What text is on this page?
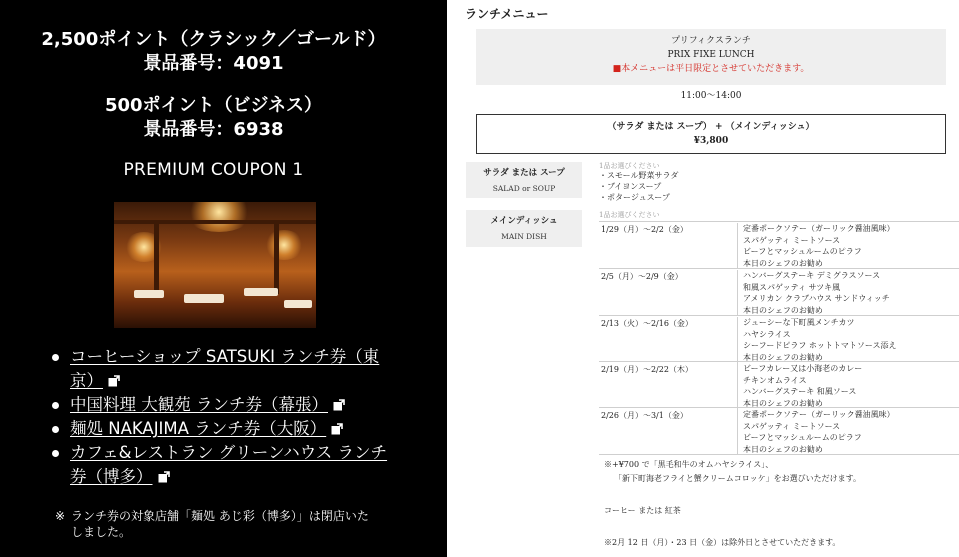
2,500ポイント（クラシック／ゴールド）
景品番号：4091
500ポイント（ビジネス）
景品番号：6938
PREMIUM COUPON 1
コーヒーショップ SATSUKI ランチ券（東
京）
中国料理 大観苑 ランチ券（幕張）
麺処 NAKAJIMA ランチ券（大阪）
カフェ&レストラン グリーンハウス ランチ
券（博多）
※ ランチ券の対象店舗「麺処 あじ彩（博多）」は閉店いた
しました。
ランチメニュー
プリフィクスランチ
PRIX FIXE LUNCH
■本メニューは平日限定とさせていただきます。
11:00～14:00
（サラダ または スープ） + （メインディッシュ）
¥3,800
サラダ または スープ
SALAD or SOUP
1品お選びください
・スモール野菜サラダ
・ブイヨンスープ
・ポタージュスープ
メインディッシュ
MAIN DISH
1品お選びください
1/29（月）～2/2（金）	定番ポークソテー（ガーリック醤油風味）
スパゲッティ ミートソース
ビーフとマッシュルームのピラフ
本日のシェフのお勧め
2/5（月）～2/9（金）	ハンバーグステーキ デミグラスソース
和風スパゲッティ サツキ風
アメリカン クラブハウス サンドウィッチ
本日のシェフのお勧め
2/13（火）～2/16（金）	ジューシーな下町風メンチカツ
ハヤシライス
シーフードピラフ ホットトマトソース添え
本日のシェフのお勧め
2/19（月）～2/22（木）	ビーフカレー又は小海老のカレー
チキンオムライス
ハンバーグステーキ 和風ソース
本日のシェフのお勧め
2/26（月）～3/1（金）	定番ポークソテー（ガーリック醤油風味）
スパゲッティ ミートソース
ビーフとマッシュルームのピラフ
本日のシェフのお勧め
※+¥700 で「黒毛和牛のオムハヤシライス」、
「新下町海老フライと蟹クリームコロッケ」をお選びいただけます。
コーヒー または 紅茶
※2月 12 日（月）・23 日（金）は除外日とさせていただきます。
